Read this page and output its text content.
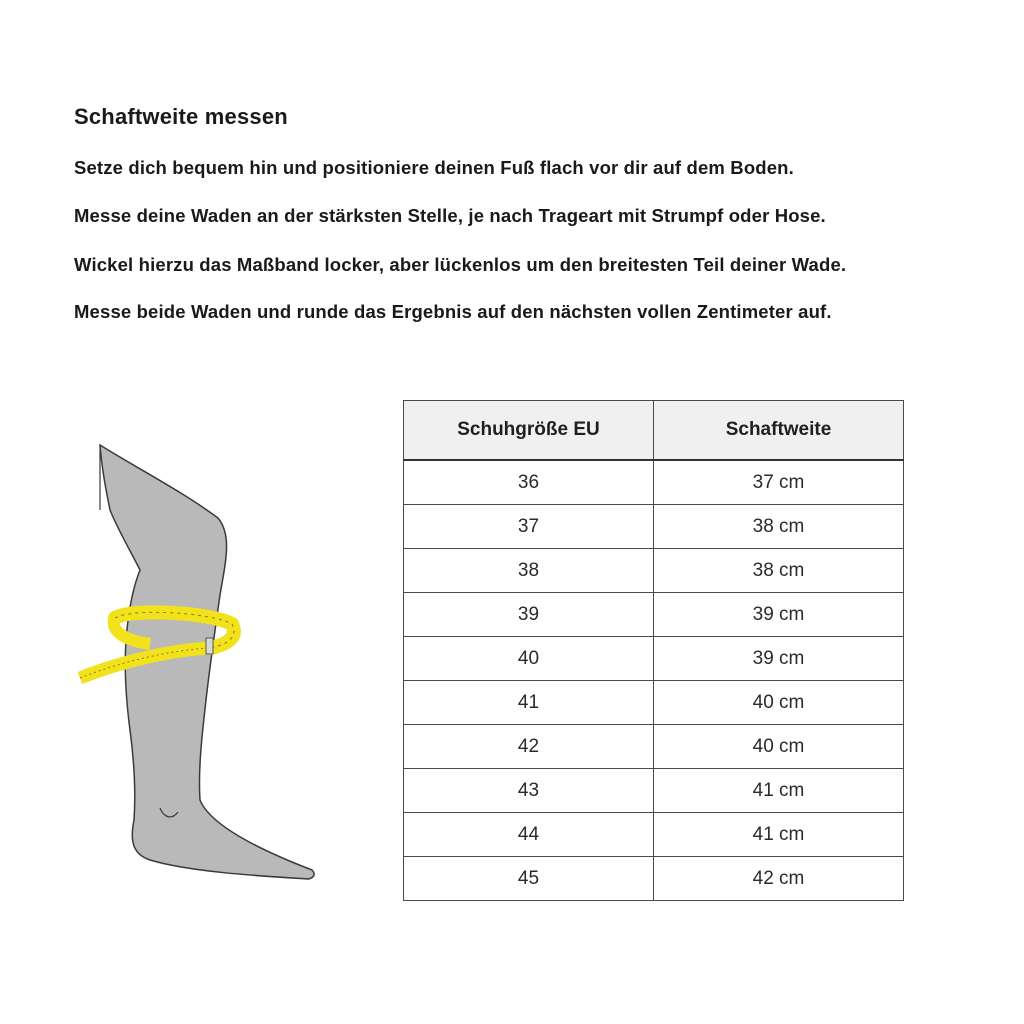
Schaftweite messen

Setze dich bequem hin und positioniere deinen Fuß flach vor dir auf dem Boden.

Messe deine Waden an der stärksten Stelle, je nach Trageart mit Strumpf oder Hose.

Wickel hierzu das Maßband locker, aber lückenlos um den breitesten Teil deiner Wade.

Messe beide Waden und runde das Ergebnis auf den nächsten vollen Zentimeter auf.

Schuhgröße EU	Schaftweite
36	37 cm
37	38 cm
38	38 cm
39	39 cm
40	39 cm
41	40 cm
42	40 cm
43	41 cm
44	41 cm
45	42 cm
